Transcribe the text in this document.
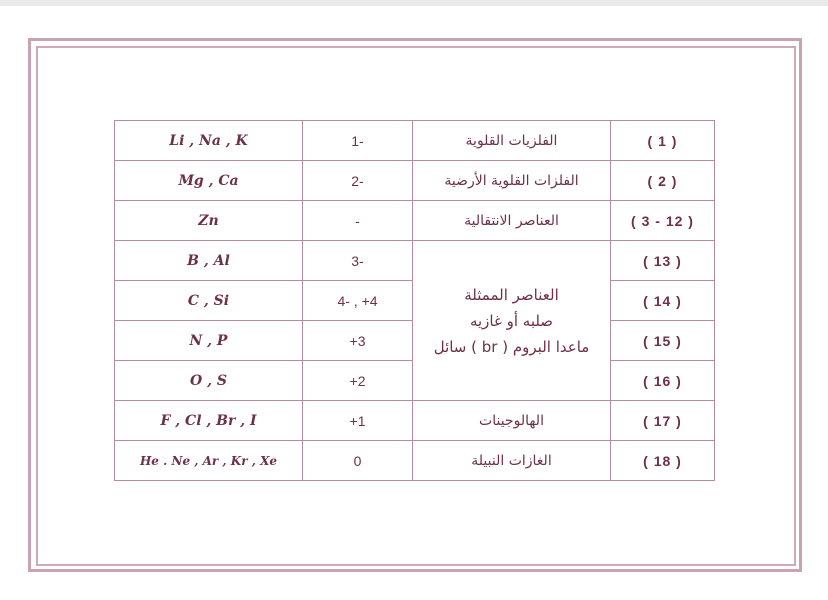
Li , Na , K	1-	الفلزيات القلوية	( 1 )
Mg , Ca	2-	الفلزات القلوية الأرضية	( 2 )
Zn	-	العناصر الانتقالية	( 3 - 12 )
B , Al	3-	العناصر الممثلة
صلبه أو غازيه
ماعدا البروم ( br ) سائل	( 13 )
C , Si	4- , +4		( 14 )
N , P	+3		( 15 )
O , S	+2		( 16 )
F , Cl , Br , I	+1	الهالوجينات	( 17 )
He . Ne , Ar , Kr , Xe	0	الغازات النبيلة	( 18 )
